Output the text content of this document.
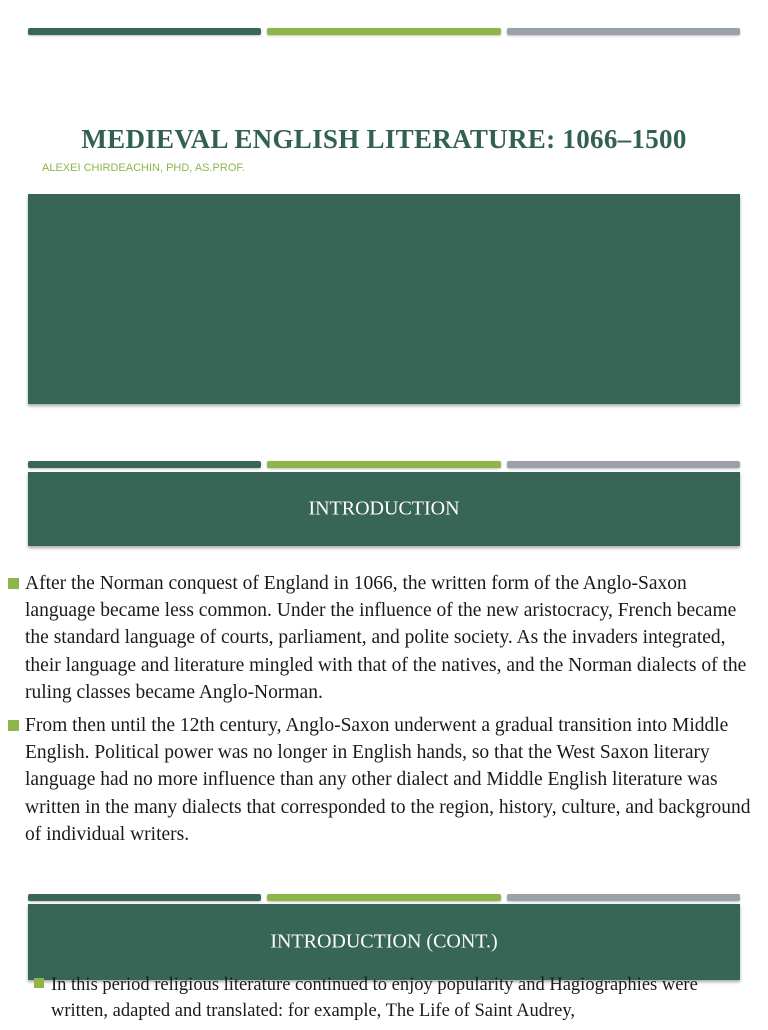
MEDIEVAL ENGLISH LITERATURE: 1066–1500
ALEXEI CHIRDEACHIN, PHD, AS.PROF.
INTRODUCTION
After the Norman conquest of England in 1066, the written form of the Anglo-Saxon language became less common. Under the influence of the new aristocracy, French became the standard language of courts, parliament, and polite society. As the invaders integrated, their language and literature mingled with that of the natives, and the Norman dialects of the ruling classes became Anglo-Norman.
From then until the 12th century, Anglo-Saxon underwent a gradual transition into Middle English. Political power was no longer in English hands, so that the West Saxon literary language had no more influence than any other dialect and Middle English literature was written in the many dialects that corresponded to the region, history, culture, and background of individual writers.
INTRODUCTION (CONT.)
In this period religious literature continued to enjoy popularity and Hagiographies were written, adapted and translated: for example, The Life of Saint Audrey,
